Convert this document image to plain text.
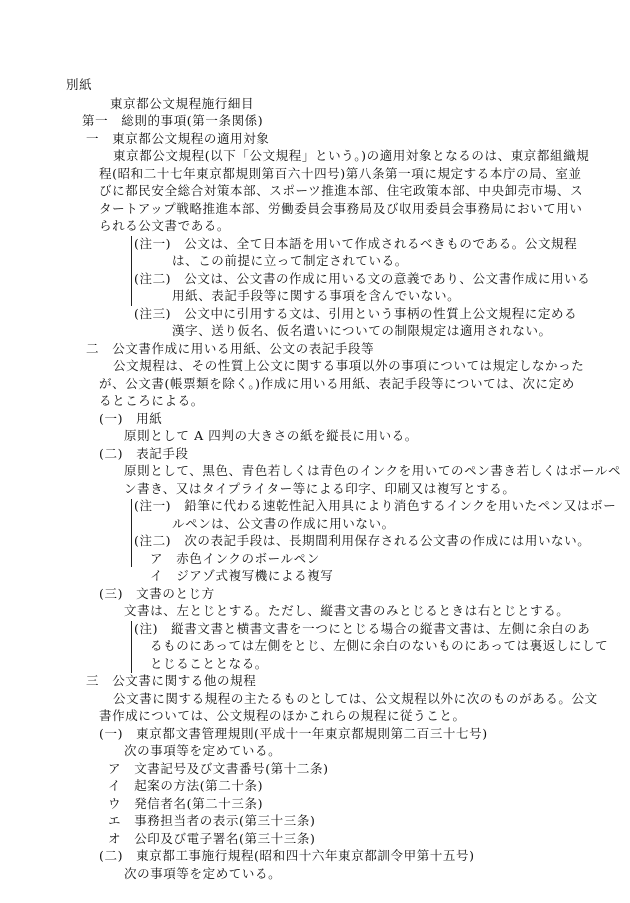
別紙
東京都公文規程施行細目
第一　総則的事項(第一条関係)
一　東京都公文規程の適用対象
東京都公文規程(以下「公文規程」という。)の適用対象となるのは、東京都組織規
程(昭和二十七年東京都規則第百六十四号)第八条第一項に規定する本庁の局、室並
びに都民安全総合対策本部、スポーツ推進本部、住宅政策本部、中央卸売市場、ス
タートアップ戦略推進本部、労働委員会事務局及び収用委員会事務局において用い
られる公文書である。
(注一)　公文は、全て日本語を用いて作成されるべきものである。公文規程
は、この前提に立って制定されている。
(注二)　公文は、公文書の作成に用いる文の意義であり、公文書作成に用いる
用紙、表記手段等に関する事項を含んでいない。
(注三)　公文中に引用する文は、引用という事柄の性質上公文規程に定める
漢字、送り仮名、仮名遣いについての制限規定は適用されない。
二　公文書作成に用いる用紙、公文の表記手段等
公文規程は、その性質上公文に関する事項以外の事項については規定しなかった
が、公文書(帳票類を除く。)作成に用いる用紙、表記手段等については、次に定め
るところによる。
(一)　用紙
原則として A 四判の大きさの紙を縦長に用いる。
(二)　表記手段
原則として、黒色、青色若しくは青色のインクを用いてのペン書き若しくはボールペ
ン書き、又はタイプライター等による印字、印刷又は複写とする。
(注一)　鉛筆に代わる速乾性記入用具により消色するインクを用いたペン又はボー
ルペンは、公文書の作成に用いない。
(注二)　次の表記手段は、長期間利用保存される公文書の作成には用いない。
ア　赤色インクのボールペン
イ　ジアゾ式複写機による複写
(三)　文書のとじ方
文書は、左とじとする。ただし、縦書文書のみとじるときは右とじとする。
(注)　縦書文書と横書文書を一つにとじる場合の縦書文書は、左側に余白のあ
るものにあっては左側をとじ、左側に余白のないものにあっては裏返しにして
とじることとなる。
三　公文書に関する他の規程
公文書に関する規程の主たるものとしては、公文規程以外に次のものがある。公文
書作成については、公文規程のほかこれらの規程に従うこと。
(一)　東京都文書管理規則(平成十一年東京都規則第二百三十七号)
次の事項等を定めている。
ア　文書記号及び文書番号(第十二条)
イ　起案の方法(第二十条)
ウ　発信者名(第二十三条)
エ　事務担当者の表示(第三十三条)
オ　公印及び電子署名(第三十三条)
(二)　東京都工事施行規程(昭和四十六年東京都訓令甲第十五号)
次の事項等を定めている。
